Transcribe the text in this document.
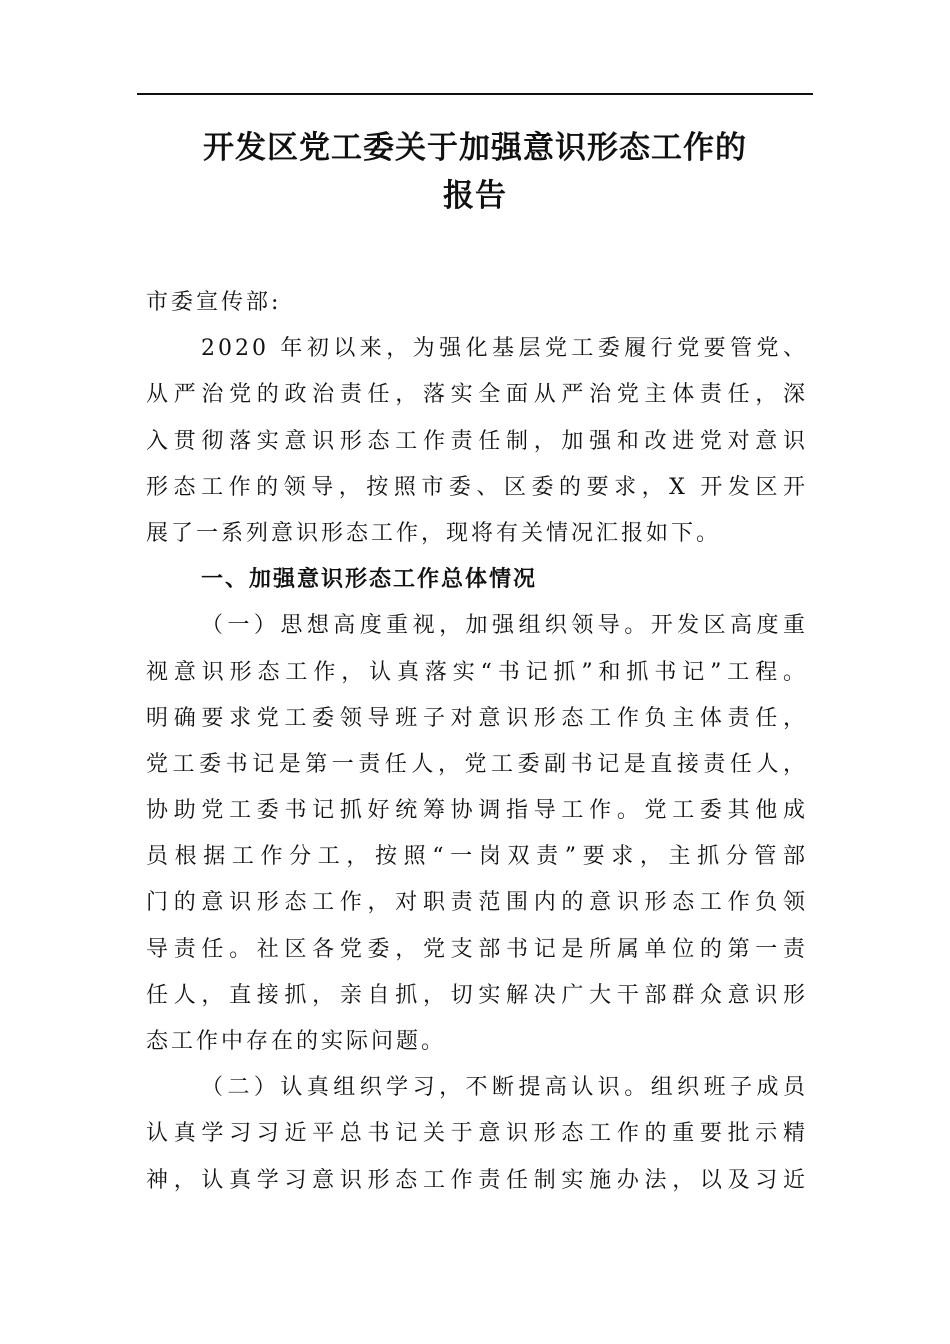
开发区党工委关于加强意识形态工作的
报告
市委宣传部:
2020 年初以来，为强化基层党工委履行党要管党、
从严治党的政治责任，落实全面从严治党主体责任，深
入贯彻落实意识形态工作责任制，加强和改进党对意识
形态工作的领导，按照市委、区委的要求，X 开发区开
展了一系列意识形态工作，现将有关情况汇报如下。
一、加强意识形态工作总体情况
（一）思想高度重视，加强组织领导。开发区高度重
视意识形态工作，认真落实“书记抓”和抓书记”工程。
明确要求党工委领导班子对意识形态工作负主体责任，
党工委书记是第一责任人，党工委副书记是直接责任人，
协助党工委书记抓好统筹协调指导工作。党工委其他成
员根据工作分工，按照“一岗双责”要求，主抓分管部
门的意识形态工作，对职责范围内的意识形态工作负领
导责任。社区各党委，党支部书记是所属单位的第一责
任人，直接抓，亲自抓，切实解决广大干部群众意识形
态工作中存在的实际问题。
（二）认真组织学习，不断提高认识。组织班子成员
认真学习习近平总书记关于意识形态工作的重要批示精
神，认真学习意识形态工作责任制实施办法，以及习近
